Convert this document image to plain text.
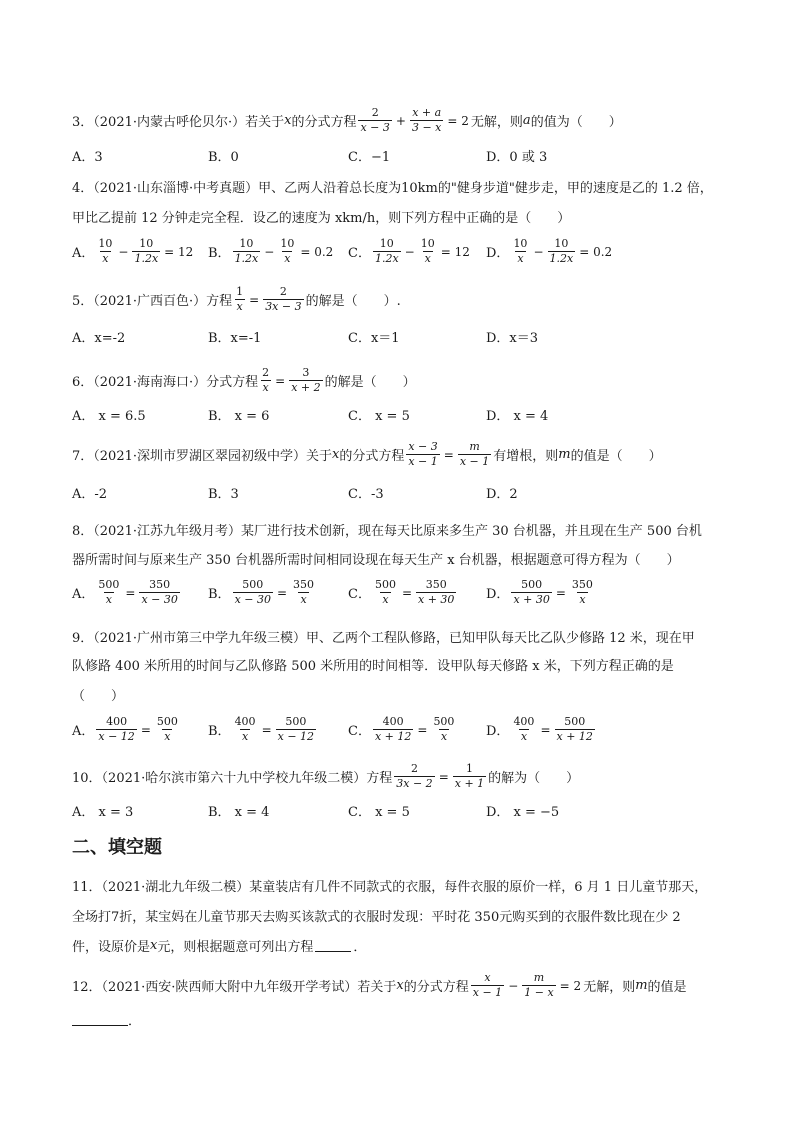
3．（2021·内蒙古呼伦贝尔·）若关于 x 的分式方程 $\frac{2}{x - 3} + \frac{x + a}{3 - x} = 2$ 无解，则 a 的值为（　　）
A．3	B．0	C．−1	D．0 或 3
4．（2021·山东淄博·中考真题）甲、乙两人沿着总长度为10km的"健身步道"健步走，甲的速度是乙的 1.2 倍，
甲比乙提前 12 分钟走完全程．设乙的速度为 xkm/h，则下列方程中正确的是（　　）
A． $\frac{10}{x} - \frac{10}{1.2x} = 12$ B． $\frac{10}{1.2x} - \frac{10}{x} = 0.2$ C． $\frac{10}{1.2x} - \frac{10}{x} = 12$ D． $\frac{10}{x} - \frac{10}{1.2x} = 0.2$
5．（2021·广西百色·）方程 $\frac{1}{x} = \frac{2}{3x - 3}$ 的解是（　　）.
A．x=-2	B．x=-1	C．x＝1	D．x＝3
6．（2021·海南海口·）分式方程 $\frac{2}{x} = \frac{3}{x + 2}$ 的解是（　　）
A． x = 6.5	B． x = 6	C． x = 5	D． x = 4
7．（2021·深圳市罗湖区翠园初级中学）关于 x 的分式方程 $\frac{x - 3}{x - 1} = \frac{m}{x - 1}$ 有增根，则 m 的值是（　　）
A．-2	B．3	C．-3	D．2
8．（2021·江苏九年级月考）某厂进行技术创新，现在每天比原来多生产 30 台机器，并且现在生产 500 台机
器所需时间与原来生产 350 台机器所需时间相同设现在每天生产 x 台机器，根据题意可得方程为（　　）
A． $\frac{500}{x} = \frac{350}{x - 30}$ B． $\frac{500}{x - 30} = \frac{350}{x}$ C． $\frac{500}{x} = \frac{350}{x + 30}$ D． $\frac{500}{x + 30} = \frac{350}{x}$
9．（2021·广州市第三中学九年级三模）甲、乙两个工程队修路，已知甲队每天比乙队少修路 12 米，现在甲
队修路 400 米所用的时间与乙队修路 500 米所用的时间相等．设甲队每天修路 x 米，下列方程正确的是
（　　）
A． $\frac{400}{x - 12} = \frac{500}{x}$ B． $\frac{400}{x} = \frac{500}{x - 12}$ C． $\frac{400}{x + 12} = \frac{500}{x}$ D． $\frac{400}{x} = \frac{500}{x + 12}$
10．（2021·哈尔滨市第六十九中学校九年级二模）方程 $\frac{2}{3x - 2} = \frac{1}{x + 1}$ 的解为（　　）
A． x = 3	B． x = 4	C． x = 5	D． x = −5
二、填空题
11．（2021·湖北九年级二模）某童装店有几件不同款式的衣服，每件衣服的原价一样，6 月 1 日儿童节那天，
全场打7折，某宝妈在儿童节那天去购买该款式的衣服时发现：平时花 350元购买到的衣服件数比现在少 2
件，设原价是 x 元，则根据题意可列出方程	．
12．（2021·西安·陕西师大附中九年级开学考试）若关于 x 的分式方程 $\frac{x}{x - 1} - \frac{m}{1 - x} = 2$ 无解，则 m 的值是
．
